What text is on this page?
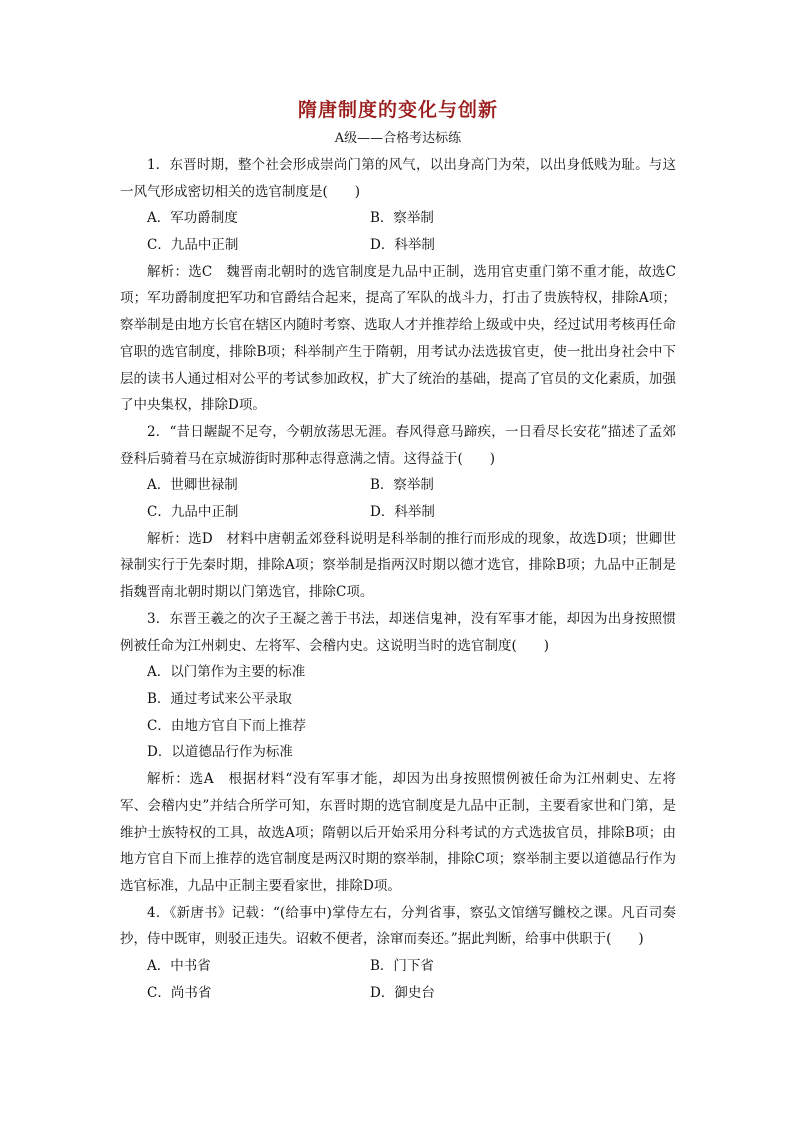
隋唐制度的变化与创新
A级——合格考达标练

1．东晋时期，整个社会形成崇尚门第的风气，以出身高门为荣，以出身低贱为耻。与这一风气形成密切相关的选官制度是(　　)

A．军功爵制度	B．察举制
C．九品中正制	D．科举制

解析：选C　魏晋南北朝时的选官制度是九品中正制，选用官吏重门第不重才能，故选C项；军功爵制度把军功和官爵结合起来，提高了军队的战斗力，打击了贵族特权，排除A项；察举制是由地方长官在辖区内随时考察、选取人才并推荐给上级或中央，经过试用考核再任命官职的选官制度，排除B项；科举制产生于隋朝，用考试办法选拔官吏，使一批出身社会中下层的读书人通过相对公平的考试参加政权，扩大了统治的基础，提高了官员的文化素质，加强了中央集权，排除D项。

2．“昔日龌龊不足夸，今朝放荡思无涯。春风得意马蹄疾，一日看尽长安花”描述了孟郊登科后骑着马在京城游街时那种志得意满之情。这得益于(　　)

A．世卿世禄制	B．察举制
C．九品中正制	D．科举制

解析：选D　材料中唐朝孟郊登科说明是科举制的推行而形成的现象，故选D项；世卿世禄制实行于先秦时期，排除A项；察举制是指两汉时期以德才选官，排除B项；九品中正制是指魏晋南北朝时期以门第选官，排除C项。

3．东晋王羲之的次子王凝之善于书法，却迷信鬼神，没有军事才能，却因为出身按照惯例被任命为江州刺史、左将军、会稽内史。这说明当时的选官制度(　　)

A．以门第作为主要的标准

B．通过考试来公平录取

C．由地方官自下而上推荐

D．以道德品行作为标准

解析：选A　根据材料“没有军事才能，却因为出身按照惯例被任命为江州刺史、左将军、会稽内史”并结合所学可知，东晋时期的选官制度是九品中正制，主要看家世和门第，是维护士族特权的工具，故选A项；隋朝以后开始采用分科考试的方式选拔官员，排除B项；由地方官自下而上推荐的选官制度是两汉时期的察举制，排除C项；察举制主要以道德品行作为选官标准，九品中正制主要看家世，排除D项。

4．《新唐书》记载：“(给事中)掌侍左右，分判省事，察弘文馆缮写雠校之课。凡百司奏抄，侍中既审，则驳正违失。诏敕不便者，涂窜而奏还。”据此判断，给事中供职于(　　)

A．中书省	B．门下省
C．尚书省	D．御史台
